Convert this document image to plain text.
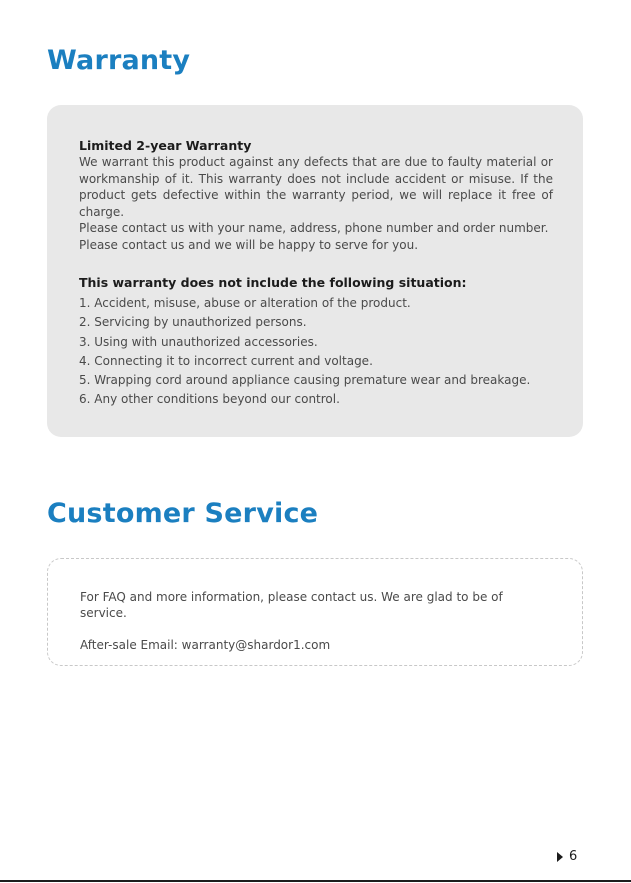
Warranty

Limited 2-year Warranty

We warrant this product against any defects that are due to faulty material or workmanship of it. This warranty does not include accident or misuse. If the product gets defective within the warranty period, we will replace it free of charge.

Please contact us with your name, address, phone number and order number.

Please contact us and we will be happy to serve for you.

This warranty does not include the following situation:

1. Accident, misuse, abuse or alteration of the product.
2. Servicing by unauthorized persons.
3. Using with unauthorized accessories.
4. Connecting it to incorrect current and voltage.
5. Wrapping cord around appliance causing premature wear and breakage.
6. Any other conditions beyond our control.
Customer Service

For FAQ and more information, please contact us. We are glad to be of service.

After-sale Email: warranty@shardor1.com

6
